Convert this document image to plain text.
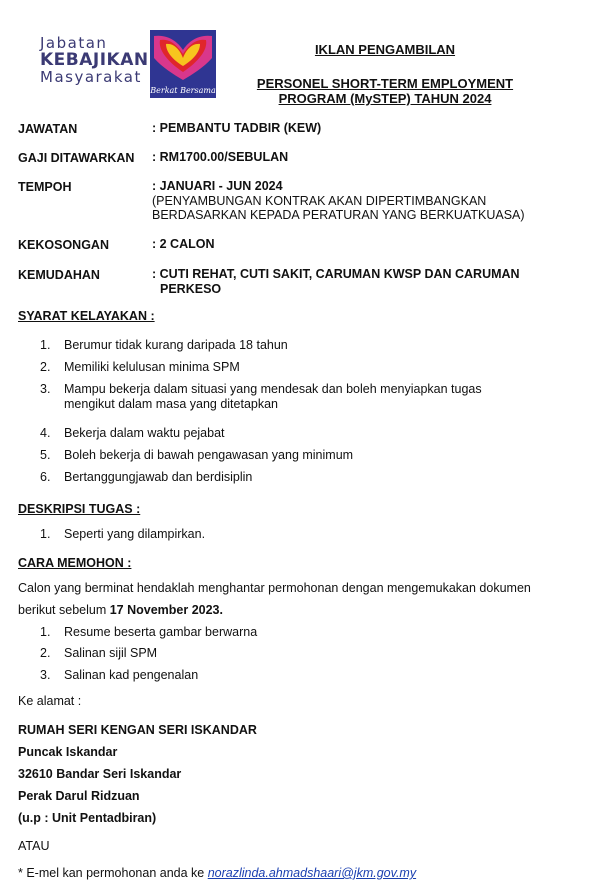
Jabatan
KEBAJIKAN
Masyarakat
Berkat Bersama
IKLAN PENGAMBILAN
PERSONEL SHORT-TERM EMPLOYMENT
PROGRAM (MySTEP) TAHUN 2024
JAWATAN	: PEMBANTU TADBIR (KEW)
GAJI DITAWARKAN : RM1700.00/SEBULAN
TEMPOH	: JANUARI - JUN 2024
(PENYAMBUNGAN KONTRAK AKAN DIPERTIMBANGKAN
BERDASARKAN KEPADA PERATURAN YANG BERKUATKUASA)
KEKOSONGAN	: 2 CALON
KEMUDAHAN	: CUTI REHAT, CUTI SAKIT, CARUMAN KWSP DAN CARUMAN
PERKESO
SYARAT KELAYAKAN :
1. Berumur tidak kurang daripada 18 tahun
2. Memiliki kelulusan minima SPM
3. Mampu bekerja dalam situasi yang mendesak dan boleh menyiapkan tugas
mengikut dalam masa yang ditetapkan
4. Bekerja dalam waktu pejabat
5. Boleh bekerja di bawah pengawasan yang minimum
6. Bertanggungjawab dan berdisiplin
DESKRIPSI TUGAS :
1. Seperti yang dilampirkan.
CARA MEMOHON :
Calon yang berminat hendaklah menghantar permohonan dengan mengemukakan dokumen
berikut sebelum 17 November 2023.
1. Resume beserta gambar berwarna
2. Salinan sijil SPM
3. Salinan kad pengenalan
Ke alamat :
RUMAH SERI KENGAN SERI ISKANDAR
Puncak Iskandar
32610 Bandar Seri Iskandar
Perak Darul Ridzuan
(u.p : Unit Pentadbiran)
ATAU
* E-mel kan permohonan anda ke norazlinda.ahmadshaari@jkm.gov.my
